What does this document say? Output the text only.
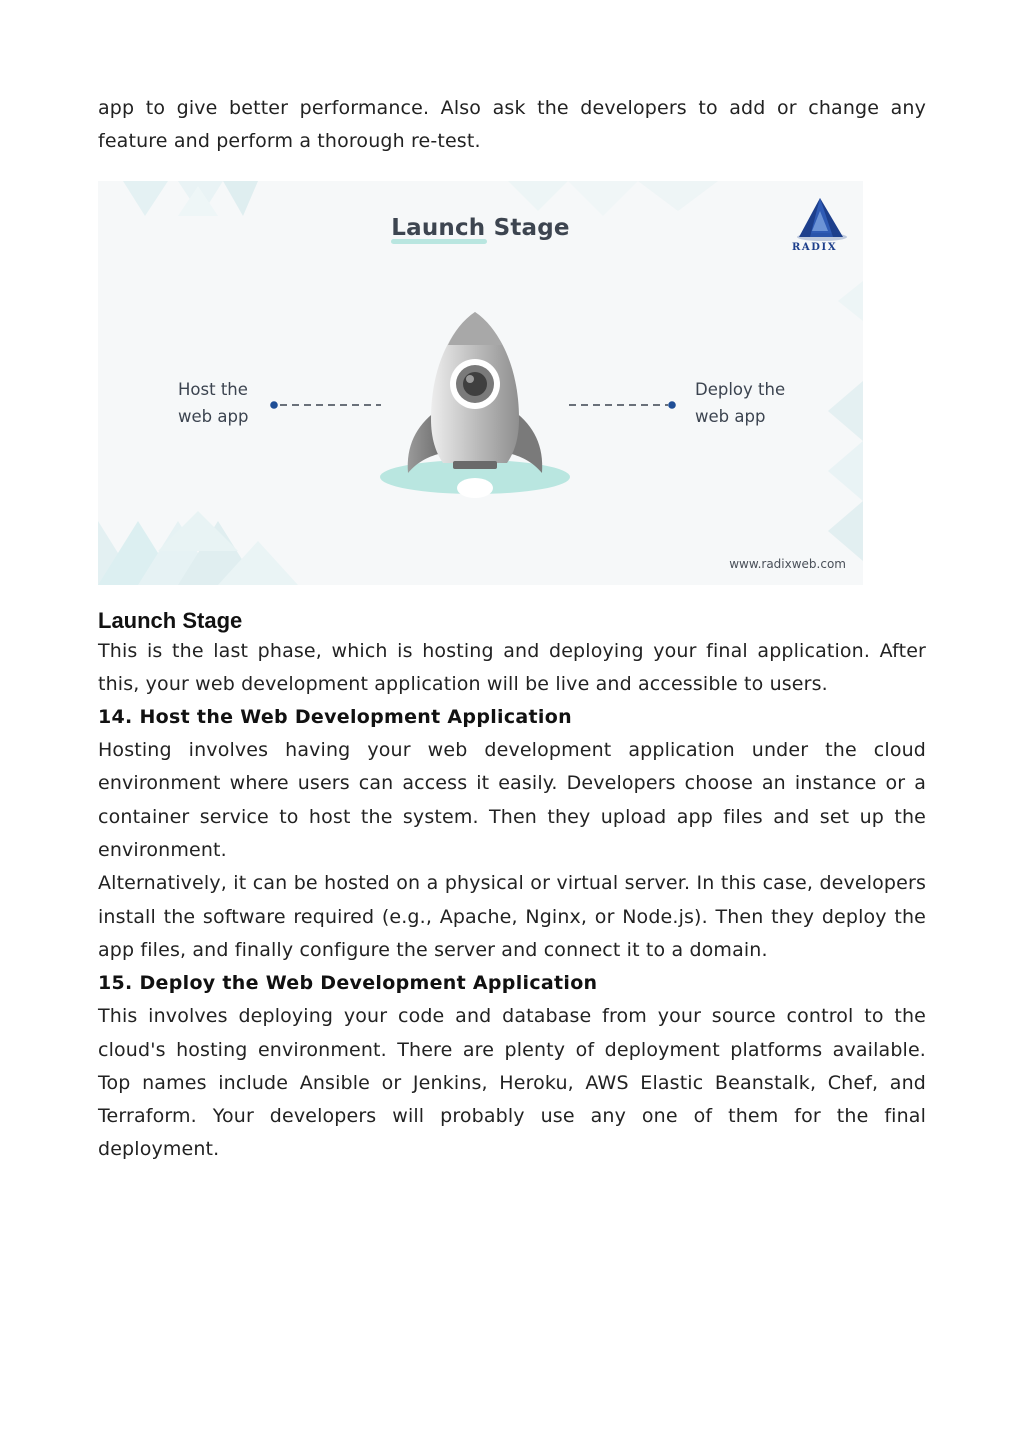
app to give better performance. Also ask the developers to add or change any feature and perform a thorough re-test.

Launch Stage
Host the
web app
Deploy the
web app
RADIX
www.radixweb.com
Launch Stage

This is the last phase, which is hosting and deploying your final application. After this, your web development application will be live and accessible to users.

14. Host the Web Development Application

Hosting involves having your web development application under the cloud environment where users can access it easily. Developers choose an instance or a container service to host the system. Then they upload app files and set up the environment.

Alternatively, it can be hosted on a physical or virtual server. In this case, developers install the software required (e.g., Apache, Nginx, or Node.js). Then they deploy the app files, and finally configure the server and connect it to a domain.

15. Deploy the Web Development Application

This involves deploying your code and database from your source control to the cloud's hosting environment. There are plenty of deployment platforms available. Top names include Ansible or Jenkins, Heroku, AWS Elastic Beanstalk, Chef, and Terraform. Your developers will probably use any one of them for the final deployment.
